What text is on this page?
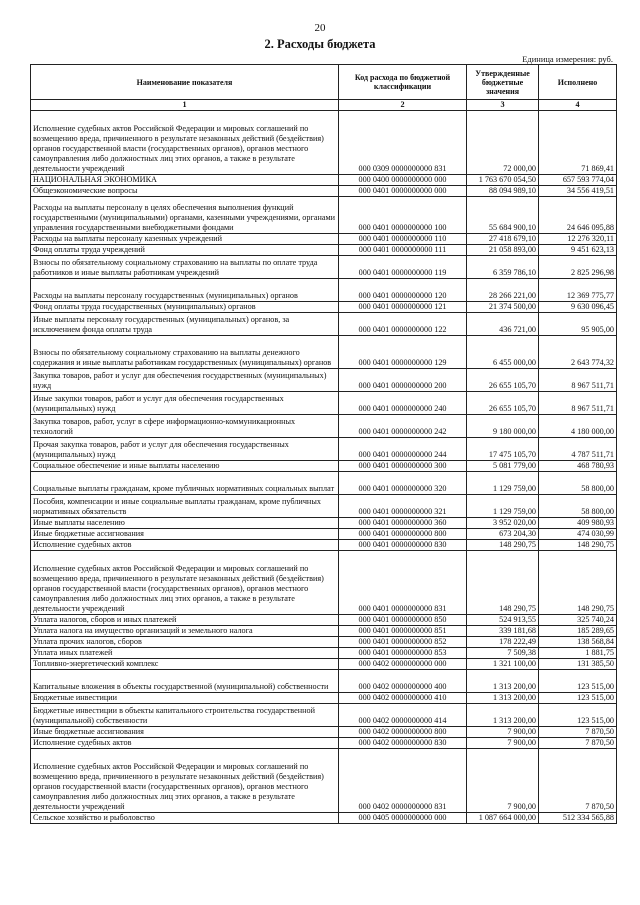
20
2. Расходы бюджета
Единица измерения: руб.
Наименование показателя	Код расхода по бюджетной классификации	Утвержденные бюджетные значения	Исполнено
1	2	3	4
Исполнение судебных актов Российской Федерации и мировых соглашений по возмещению вреда, причиненного в результате незаконных действий (бездействия) органов государственной власти (государственных органов), органов местного самоуправления либо должностных лиц этих органов, а также в результате деятельности учреждений	000 0309 0000000000 831	72 000,00	71 869,41
НАЦИОНАЛЬНАЯ ЭКОНОМИКА	000 0400 0000000000 000	1 763 670 054,50	657 593 774,04
Общеэкономические вопросы	000 0401 0000000000 000	88 094 989,10	34 556 419,51
Расходы на выплаты персоналу в целях обеспечения выполнения функций государственными (муниципальными) органами, казенными учреждениями, органами управления государственными внебюджетными фондами	000 0401 0000000000 100	55 684 900,10	24 646 095,88
Расходы на выплаты персоналу казенных учреждений	000 0401 0000000000 110	27 418 679,10	12 276 320,11
Фонд оплаты труда учреждений	000 0401 0000000000 111	21 058 893,00	9 451 623,13
Взносы по обязательному социальному страхованию на выплаты по оплате труда работников и иные выплаты работникам учреждений	000 0401 0000000000 119	6 359 786,10	2 825 296,98
Расходы на выплаты персоналу государственных (муниципальных) органов	000 0401 0000000000 120	28 266 221,00	12 369 775,77
Фонд оплаты труда государственных (муниципальных) органов	000 0401 0000000000 121	21 374 500,00	9 630 096,45
Иные выплаты персоналу государственных (муниципальных) органов, за исключением фонда оплаты труда	000 0401 0000000000 122	436 721,00	95 905,00
Взносы по обязательному социальному страхованию на выплаты денежного содержания и иные выплаты работникам государственных (муниципальных) органов	000 0401 0000000000 129	6 455 000,00	2 643 774,32
Закупка товаров, работ и услуг для обеспечения государственных (муниципальных) нужд	000 0401 0000000000 200	26 655 105,70	8 967 511,71
Иные закупки товаров, работ и услуг для обеспечения государственных (муниципальных) нужд	000 0401 0000000000 240	26 655 105,70	8 967 511,71
Закупка товаров, работ, услуг в сфере информационно-коммуникационных технологий	000 0401 0000000000 242	9 180 000,00	4 180 000,00
Прочая закупка товаров, работ и услуг для обеспечения государственных (муниципальных) нужд	000 0401 0000000000 244	17 475 105,70	4 787 511,71
Социальное обеспечение и иные выплаты населению	000 0401 0000000000 300	5 081 779,00	468 780,93
Социальные выплаты гражданам, кроме публичных нормативных социальных выплат	000 0401 0000000000 320	1 129 759,00	58 800,00
Пособия, компенсации и иные социальные выплаты гражданам, кроме публичных нормативных обязательств	000 0401 0000000000 321	1 129 759,00	58 800,00
Иные выплаты населению	000 0401 0000000000 360	3 952 020,00	409 980,93
Иные бюджетные ассигнования	000 0401 0000000000 800	673 204,30	474 030,99
Исполнение судебных актов	000 0401 0000000000 830	148 290,75	148 290,75
Исполнение судебных актов Российской Федерации и мировых соглашений по возмещению вреда, причиненного в результате незаконных действий (бездействия) органов государственной власти (государственных органов), органов местного самоуправления либо должностных лиц этих органов, а также в результате деятельности учреждений	000 0401 0000000000 831	148 290,75	148 290,75
Уплата налогов, сборов и иных платежей	000 0401 0000000000 850	524 913,55	325 740,24
Уплата налога на имущество организаций и земельного налога	000 0401 0000000000 851	339 181,68	185 289,65
Уплата прочих налогов, сборов	000 0401 0000000000 852	178 222,49	138 568,84
Уплата иных платежей	000 0401 0000000000 853	7 509,38	1 881,75
Топливно-энергетический комплекс	000 0402 0000000000 000	1 321 100,00	131 385,50
Капитальные вложения в объекты государственной (муниципальной) собственности	000 0402 0000000000 400	1 313 200,00	123 515,00
Бюджетные инвестиции	000 0402 0000000000 410	1 313 200,00	123 515,00
Бюджетные инвестиции в объекты капитального строительства государственной (муниципальной) собственности	000 0402 0000000000 414	1 313 200,00	123 515,00
Иные бюджетные ассигнования	000 0402 0000000000 800	7 900,00	7 870,50
Исполнение судебных актов	000 0402 0000000000 830	7 900,00	7 870,50
Исполнение судебных актов Российской Федерации и мировых соглашений по возмещению вреда, причиненного в результате незаконных действий (бездействия) органов государственной власти (государственных органов), органов местного самоуправления либо должностных лиц этих органов, а также в результате деятельности учреждений	000 0402 0000000000 831	7 900,00	7 870,50
Сельское хозяйство и рыболовство	000 0405 0000000000 000	1 087 664 000,00	512 334 565,88
